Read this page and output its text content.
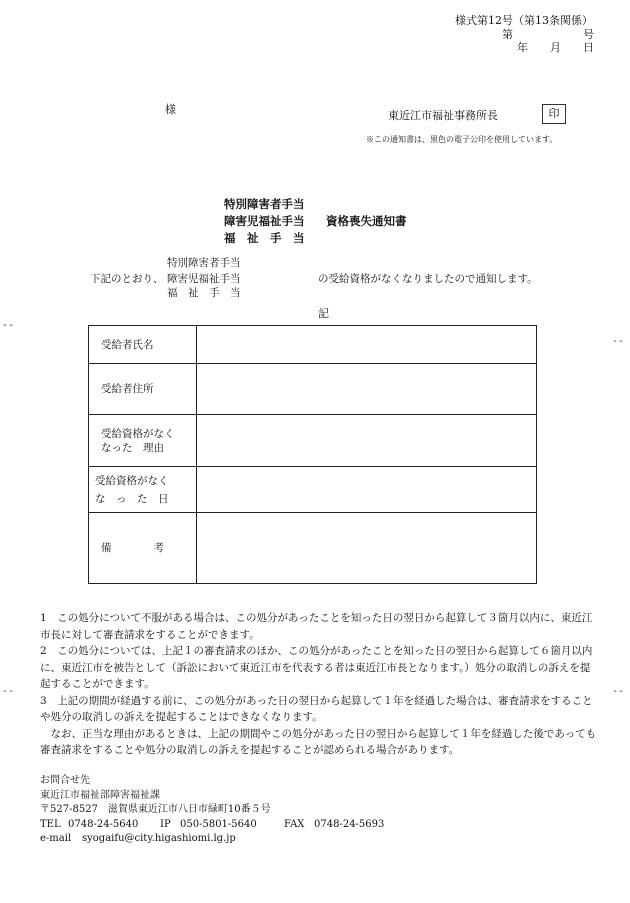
様式第12号（第13条関係）
第	号
年 月 日
様	東近江市福祉事務所長	印
※この通知書は、黒色の電子公印を使用しています。
特別障害者手当
障害児福祉手当
福　祉　手　当
資格喪失通知書
特別障害者手当
福　祉　手　当
下記のとおり、 障害児福祉手当	の受給資格がなくなりましたので通知します。
記
--
--
--	--
受給者氏名	

受給者住所	

受給資格がなく
なった　理由	

受給資格がなく
な　っ　た　日	

備　　　　考	

1　この処分について不服がある場合は、この処分があったことを知った日の翌日から起算して３箇月以内に、東近江市長に対して審査請求をすることができます。

2　この処分については、上記１の審査請求のほか、この処分があったことを知った日の翌日から起算して６箇月以内に、東近江市を被告として（訴訟において東近江市を代表する者は東近江市長となります。）処分の取消しの訴えを提起することができます。

3　上記の期間が経過する前に、この処分があった日の翌日から起算して１年を経過した場合は、審査請求をすることや処分の取消しの訴えを提起することはできなくなります。

　なお、正当な理由があるときは、上記の期間やこの処分があった日の翌日から起算して１年を経過した後であっても審査請求をすることや処分の取消しの訴えを提起することが認められる場合があります。

お問合せ先
東近江市福祉部障害福祉課
〒527-8527　滋賀県東近江市八日市緑町10番５号
TEL 0748-24-5640 IP 050-5801-5640	FAX 0748-24-5693
e-mail syogaifu@city.higashiomi.lg.jp
